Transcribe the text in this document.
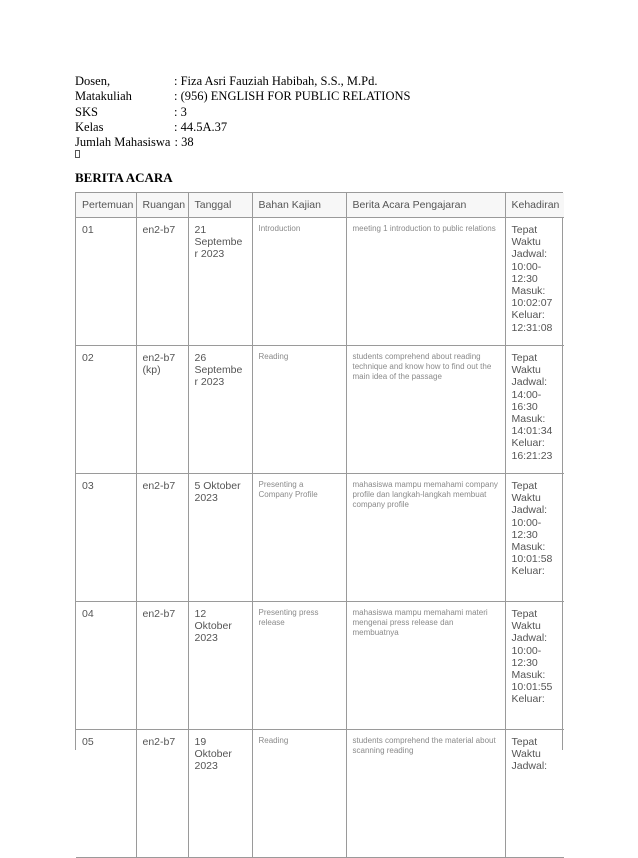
Dosen,	: Fiza Asri Fauziah Habibah, S.S., M.Pd.
Matakuliah	: (956) ENGLISH FOR PUBLIC RELATIONS
SKS	: 3
Kelas	: 44.5A.37
Jumlah Mahasiswa : 38
BERITA ACARA
Pertemuan	Ruangan	Tanggal	Bahan Kajian	Berita Acara Pengajaran	Kehadiran
01	en2-b7	21 September 2023	Introduction	meeting 1 introduction to public relations	Tepat Waktu
Jadwal: 10:00-12:30
Masuk: 10:02:07
Keluar: 12:31:08

02	en2-b7 (kp)	26 September 2023	Reading	students comprehend about reading technique and know how to find out the main idea of the passage	Tepat Waktu
Jadwal: 14:00-16:30
Masuk: 14:01:34
Keluar: 16:21:23

03	en2-b7	5 Oktober 2023	Presenting a Company Profile	mahasiswa mampu memahami company profile dan langkah-langkah membuat company profile	Tepat Waktu
Jadwal: 10:00-12:30
Masuk: 10:01:58
Keluar:

04	en2-b7	12 Oktober 2023	Presenting press release	mahasiswa mampu memahami materi mengenai press release dan membuatnya	Tepat Waktu
Jadwal: 10:00-12:30
Masuk: 10:01:55
Keluar:

05	en2-b7	19 Oktober 2023	Reading	students comprehend the material about scanning reading	Tepat Waktu
Jadwal:
